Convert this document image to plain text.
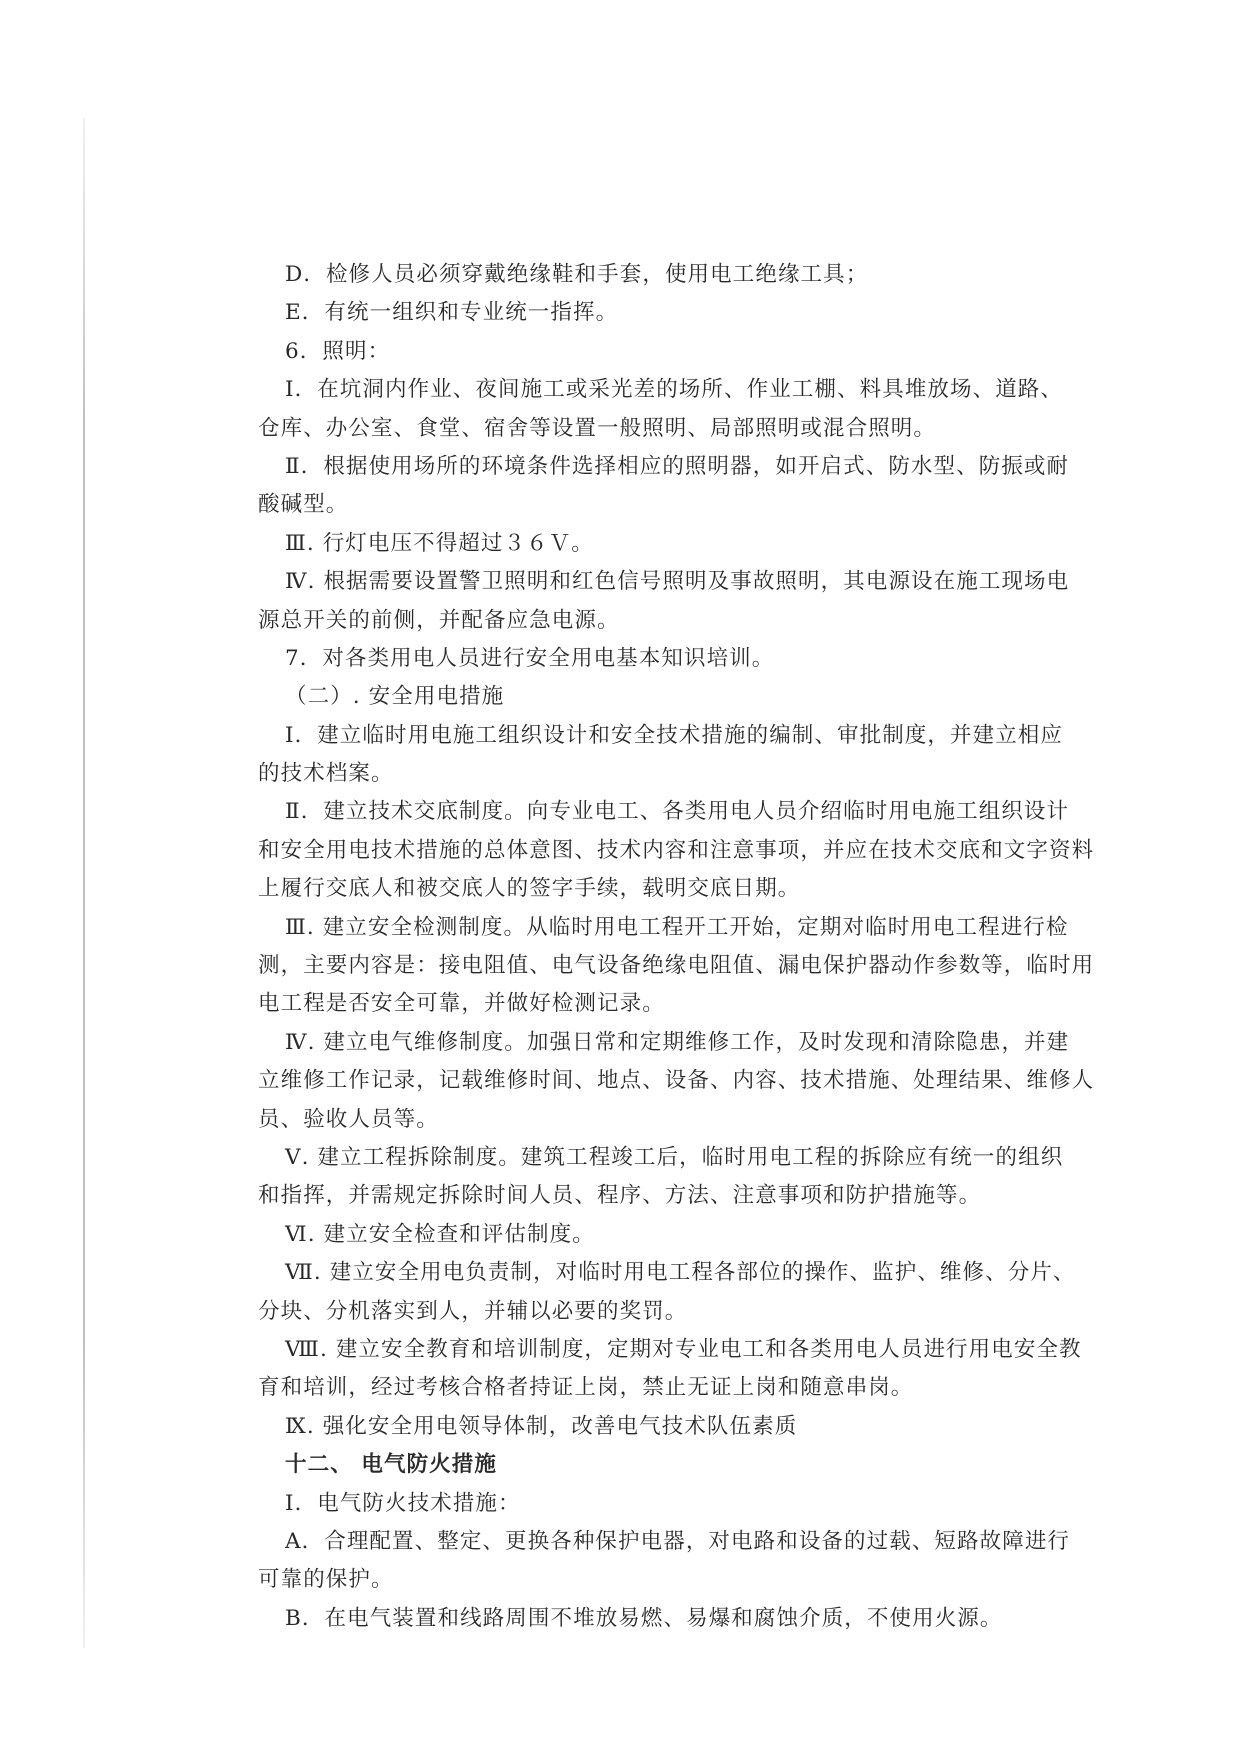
D．检修人员必须穿戴绝缘鞋和手套，使用电工绝缘工具；
E．有统一组织和专业统一指挥。
6．照明：
Ⅰ．在坑洞内作业、夜间施工或采光差的场所、作业工棚、料具堆放场、道路、
仓库、办公室、食堂、宿舍等设置一般照明、局部照明或混合照明。
Ⅱ．根据使用场所的环境条件选择相应的照明器，如开启式、防水型、防振或耐
酸碱型。
Ⅲ. 行灯电压不得超过３６Ｖ。
Ⅳ. 根据需要设置警卫照明和红色信号照明及事故照明，其电源设在施工现场电
源总开关的前侧，并配备应急电源。
7．对各类用电人员进行安全用电基本知识培训。
（二）. 安全用电措施
Ⅰ．建立临时用电施工组织设计和安全技术措施的编制、审批制度，并建立相应
的技术档案。
Ⅱ．建立技术交底制度。向专业电工、各类用电人员介绍临时用电施工组织设计
和安全用电技术措施的总体意图、技术内容和注意事项，并应在技术交底和文字资料
上履行交底人和被交底人的签字手续，载明交底日期。
Ⅲ. 建立安全检测制度。从临时用电工程开工开始，定期对临时用电工程进行检
测，主要内容是：接电阻值、电气设备绝缘电阻值、漏电保护器动作参数等，临时用
电工程是否安全可靠，并做好检测记录。
Ⅳ. 建立电气维修制度。加强日常和定期维修工作，及时发现和清除隐患，并建
立维修工作记录，记载维修时间、地点、设备、内容、技术措施、处理结果、维修人
员、验收人员等。
Ⅴ. 建立工程拆除制度。建筑工程竣工后，临时用电工程的拆除应有统一的组织
和指挥，并需规定拆除时间人员、程序、方法、注意事项和防护措施等。
Ⅵ. 建立安全检查和评估制度。
Ⅶ. 建立安全用电负责制，对临时用电工程各部位的操作、监护、维修、分片、
分块、分机落实到人，并辅以必要的奖罚。
Ⅷ. 建立安全教育和培训制度，定期对专业电工和各类用电人员进行用电安全教
育和培训，经过考核合格者持证上岗，禁止无证上岗和随意串岗。
Ⅸ. 强化安全用电领导体制，改善电气技术队伍素质
十二、 电气防火措施
Ⅰ．电气防火技术措施：
A．合理配置、整定、更换各种保护电器，对电路和设备的过载、短路故障进行
可靠的保护。
B．在电气装置和线路周围不堆放易燃、易爆和腐蚀介质，不使用火源。
